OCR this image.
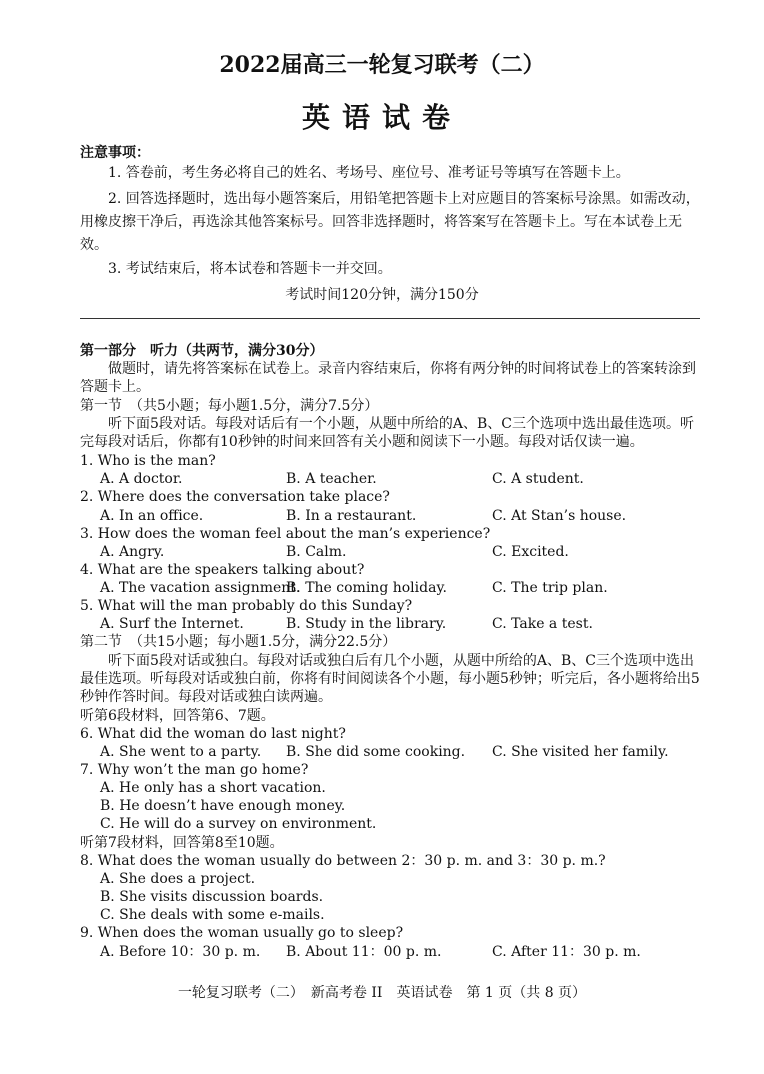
2022届高三一轮复习联考（二）
英语试卷
注意事项：
1. 答卷前，考生务必将自己的姓名、考场号、座位号、准考证号等填写在答题卡上。
2. 回答选择题时，选出每小题答案后，用铅笔把答题卡上对应题目的答案标号涂黑。如需改动，用橡皮擦干净后，再选涂其他答案标号。回答非选择题时，将答案写在答题卡上。写在本试卷上无效。
3. 考试结束后，将本试卷和答题卡一并交回。
考试时间120分钟，满分150分
第一部分　听力（共两节，满分30分）
做题时，请先将答案标在试卷上。录音内容结束后，你将有两分钟的时间将试卷上的答案转涂到答题卡上。
第一节　（共5小题；每小题1.5分，满分7.5分）
听下面5段对话。每段对话后有一个小题，从题中所给的A、B、C三个选项中选出最佳选项。听完每段对话后，你都有10秒钟的时间来回答有关小题和阅读下一小题。每段对话仅读一遍。
1. Who is the man?
A. A doctor.	B. A teacher.	C. A student.
2. Where does the conversation take place?
A. In an office.	B. In a restaurant.	C. At Stan’s house.
3. How does the woman feel about the man’s experience?
A. Angry.	B. Calm.	C. Excited.
4. What are the speakers talking about?
A. The vacation assignment.
B. The coming holiday.	C. The trip plan.
5. What will the man probably do this Sunday?
A. Surf the Internet.	B. Study in the library.	C. Take a test.
第二节　（共15小题；每小题1.5分，满分22.5分）
听下面5段对话或独白。每段对话或独白后有几个小题，从题中所给的A、B、C三个选项中选出最佳选项。听每段对话或独白前，你将有时间阅读各个小题，每小题5秒钟；听完后，各小题将给出5秒钟作答时间。每段对话或独白读两遍。
听第6段材料，回答第6、7题。
6. What did the woman do last night?
A. She went to a party. B. She did some cooking. C. She visited her family.
7. Why won’t the man go home?
A. He only has a short vacation.
B. He doesn’t have enough money.
C. He will do a survey on environment.
听第7段材料，回答第8至10题。
8. What does the woman usually do between 2：30 p. m. and 3：30 p. m.?
A. She does a project.
B. She visits discussion boards.
C. She deals with some e-mails.
9. When does the woman usually go to sleep?
A. Before 10：30 p. m. B. About 11：00 p. m.	C. After 11：30 p. m.
一轮复习联考（二）　新高考卷 II　英语试卷　第 1 页（共 8 页）
